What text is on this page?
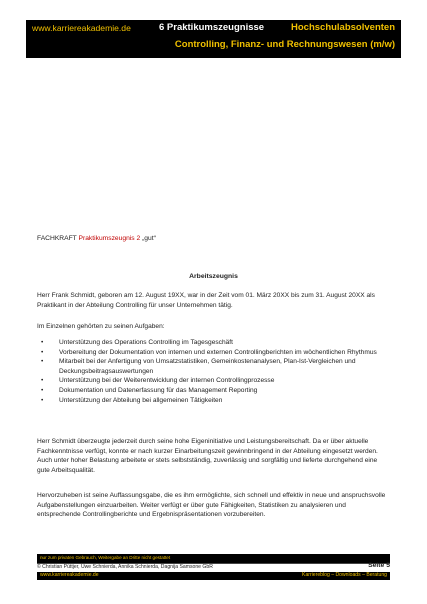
www.karriereakademie.de	6 Praktikumszeugnisse	Hochschulabsolventen
Controlling, Finanz- und Rechnungswesen (m/w)
FACHKRAFT Praktikumszeugnis 2 „gut“
Arbeitszeugnis
Herr Frank Schmidt, geboren am 12. August 19XX, war in der Zeit vom 01. März 20XX bis zum 31. August 20XX als Praktikant in der Abteilung Controlling für unser Unternehmen tätig.
Im Einzelnen gehörten zu seinen Aufgaben:
• Unterstützung des Operations Controlling im Tagesgeschäft
• Vorbereitung der Dokumentation von internen und externen Controllingberichten im wöchentlichen Rhythmus
• Mitarbeit bei der Anfertigung von Umsatzstatistiken, Gemeinkostenanalysen, Plan-Ist-Vergleichen und Deckungsbeitragsauswertungen
• Unterstützung bei der Weiterentwicklung der internen Controllingprozesse
• Dokumentation und Datenerfassung für das Management Reporting
• Unterstützung der Abteilung bei allgemeinen Tätigkeiten
Herr Schmidt überzeugte jederzeit durch seine hohe Eigeninitiative und Leistungsbereitschaft. Da er über aktuelle Fachkenntnisse verfügt, konnte er nach kurzer Einarbeitungszeit gewinnbringend in der Abteilung eingesetzt werden. Auch unter hoher Belastung arbeitete er stets selbstständig, zuverlässig und sorgfältig und lieferte durchgehend eine gute Arbeitsqualität.
Hervorzuheben ist seine Auffassungsgabe, die es ihm ermöglichte, sich schnell und effektiv in neue und anspruchsvolle Aufgabenstellungen einzuarbeiten. Weiter verfügt er über gute Fähigkeiten, Statistiken zu analysieren und entsprechende Controllingberichte und Ergebnispräsentationen vorzubereiten.
nur zum privaten Gebrauch, Weitergabe an Dritte nicht gestattet
© Christian Püttjer, Uwe Schnierda, Annika Schnierda, Dagnija Samsone GbR	Seite 5
www.karriereakademie.de	Karriereblog – Downloads – Beratung
